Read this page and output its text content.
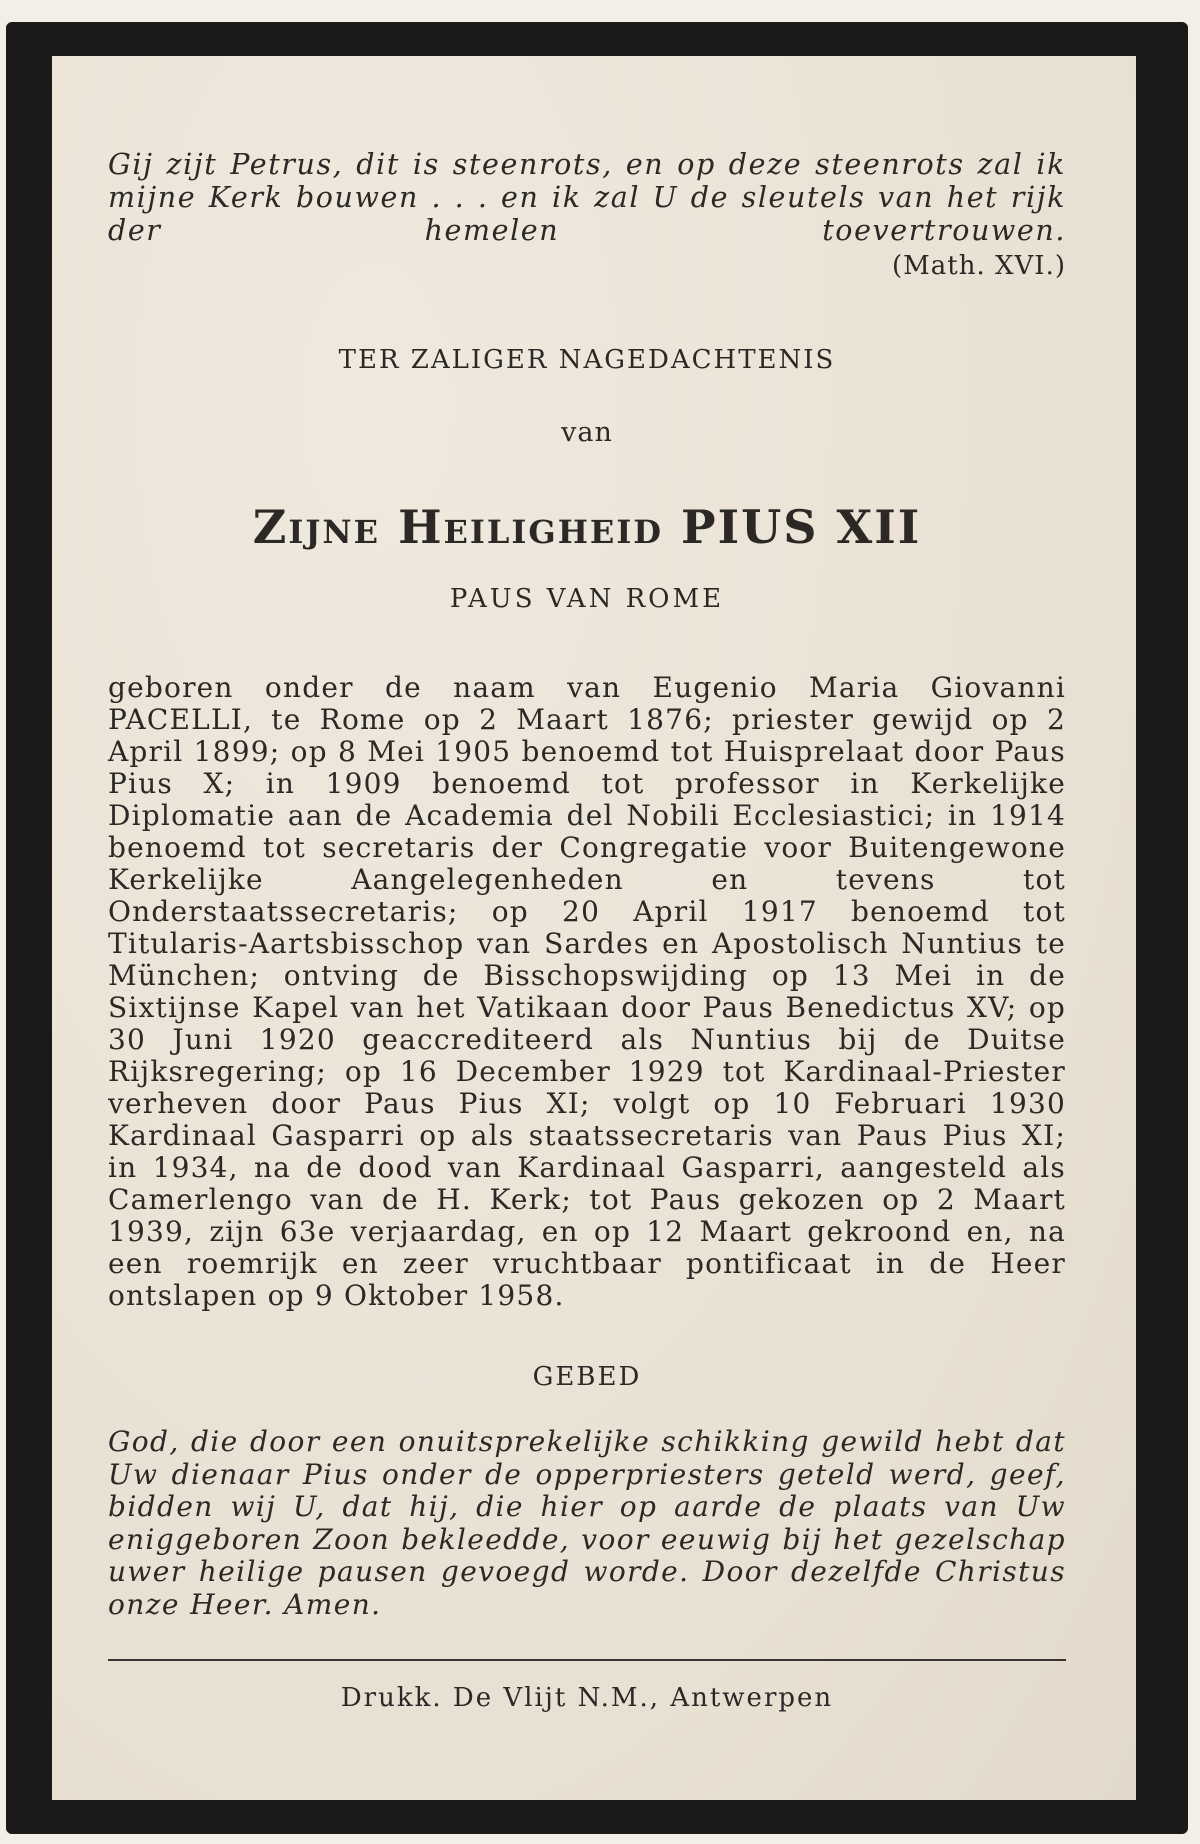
Gij zijt Petrus, dit is steenrots, en op deze steenrots zal ik mijne Kerk bouwen . . . en ik zal U de sleutels van het rijk der hemelen toevertrouwen.

(Math. XVI.)

TER ZALIGER NAGEDACHTENIS

van

Zijne Heiligheid PIUS XII

PAUS VAN ROME

geboren onder de naam van Eugenio Maria Giovanni PACELLI, te Rome op 2 Maart 1876; priester gewijd op 2 April 1899; op 8 Mei 1905 benoemd tot Huisprelaat door Paus Pius X; in 1909 benoemd tot professor in Kerkelijke Diplomatie aan de Academia del Nobili Ecclesiastici; in 1914 benoemd tot secretaris der Congregatie voor Buitengewone Kerkelijke Aangelegenheden en tevens tot Onderstaatssecretaris; op 20 April 1917 benoemd tot Titularis-Aartsbisschop van Sardes en Apostolisch Nuntius te München; ontving de Bisschopswijding op 13 Mei in de Sixtijnse Kapel van het Vatikaan door Paus Benedictus XV; op 30 Juni 1920 geaccrediteerd als Nuntius bij de Duitse Rijksregering; op 16 December 1929 tot Kardinaal-Priester verheven door Paus Pius XI; volgt op 10 Februari 1930 Kardinaal Gasparri op als staatssecretaris van Paus Pius XI; in 1934, na de dood van Kardinaal Gasparri, aangesteld als Camerlengo van de H. Kerk; tot Paus gekozen op 2 Maart 1939, zijn 63e verjaardag, en op 12 Maart gekroond en, na een roemrijk en zeer vruchtbaar pontificaat in de Heer ontslapen op 9 Oktober 1958.

GEBED

God, die door een onuitsprekelijke schikking gewild hebt dat Uw dienaar Pius onder de opperpriesters geteld werd, geef, bidden wij U, dat hij, die hier op aarde de plaats van Uw eniggeboren Zoon bekleedde, voor eeuwig bij het gezelschap uwer heilige pausen gevoegd worde. Door dezelfde Christus onze Heer. Amen.

Drukk. De Vlijt N.M., Antwerpen
